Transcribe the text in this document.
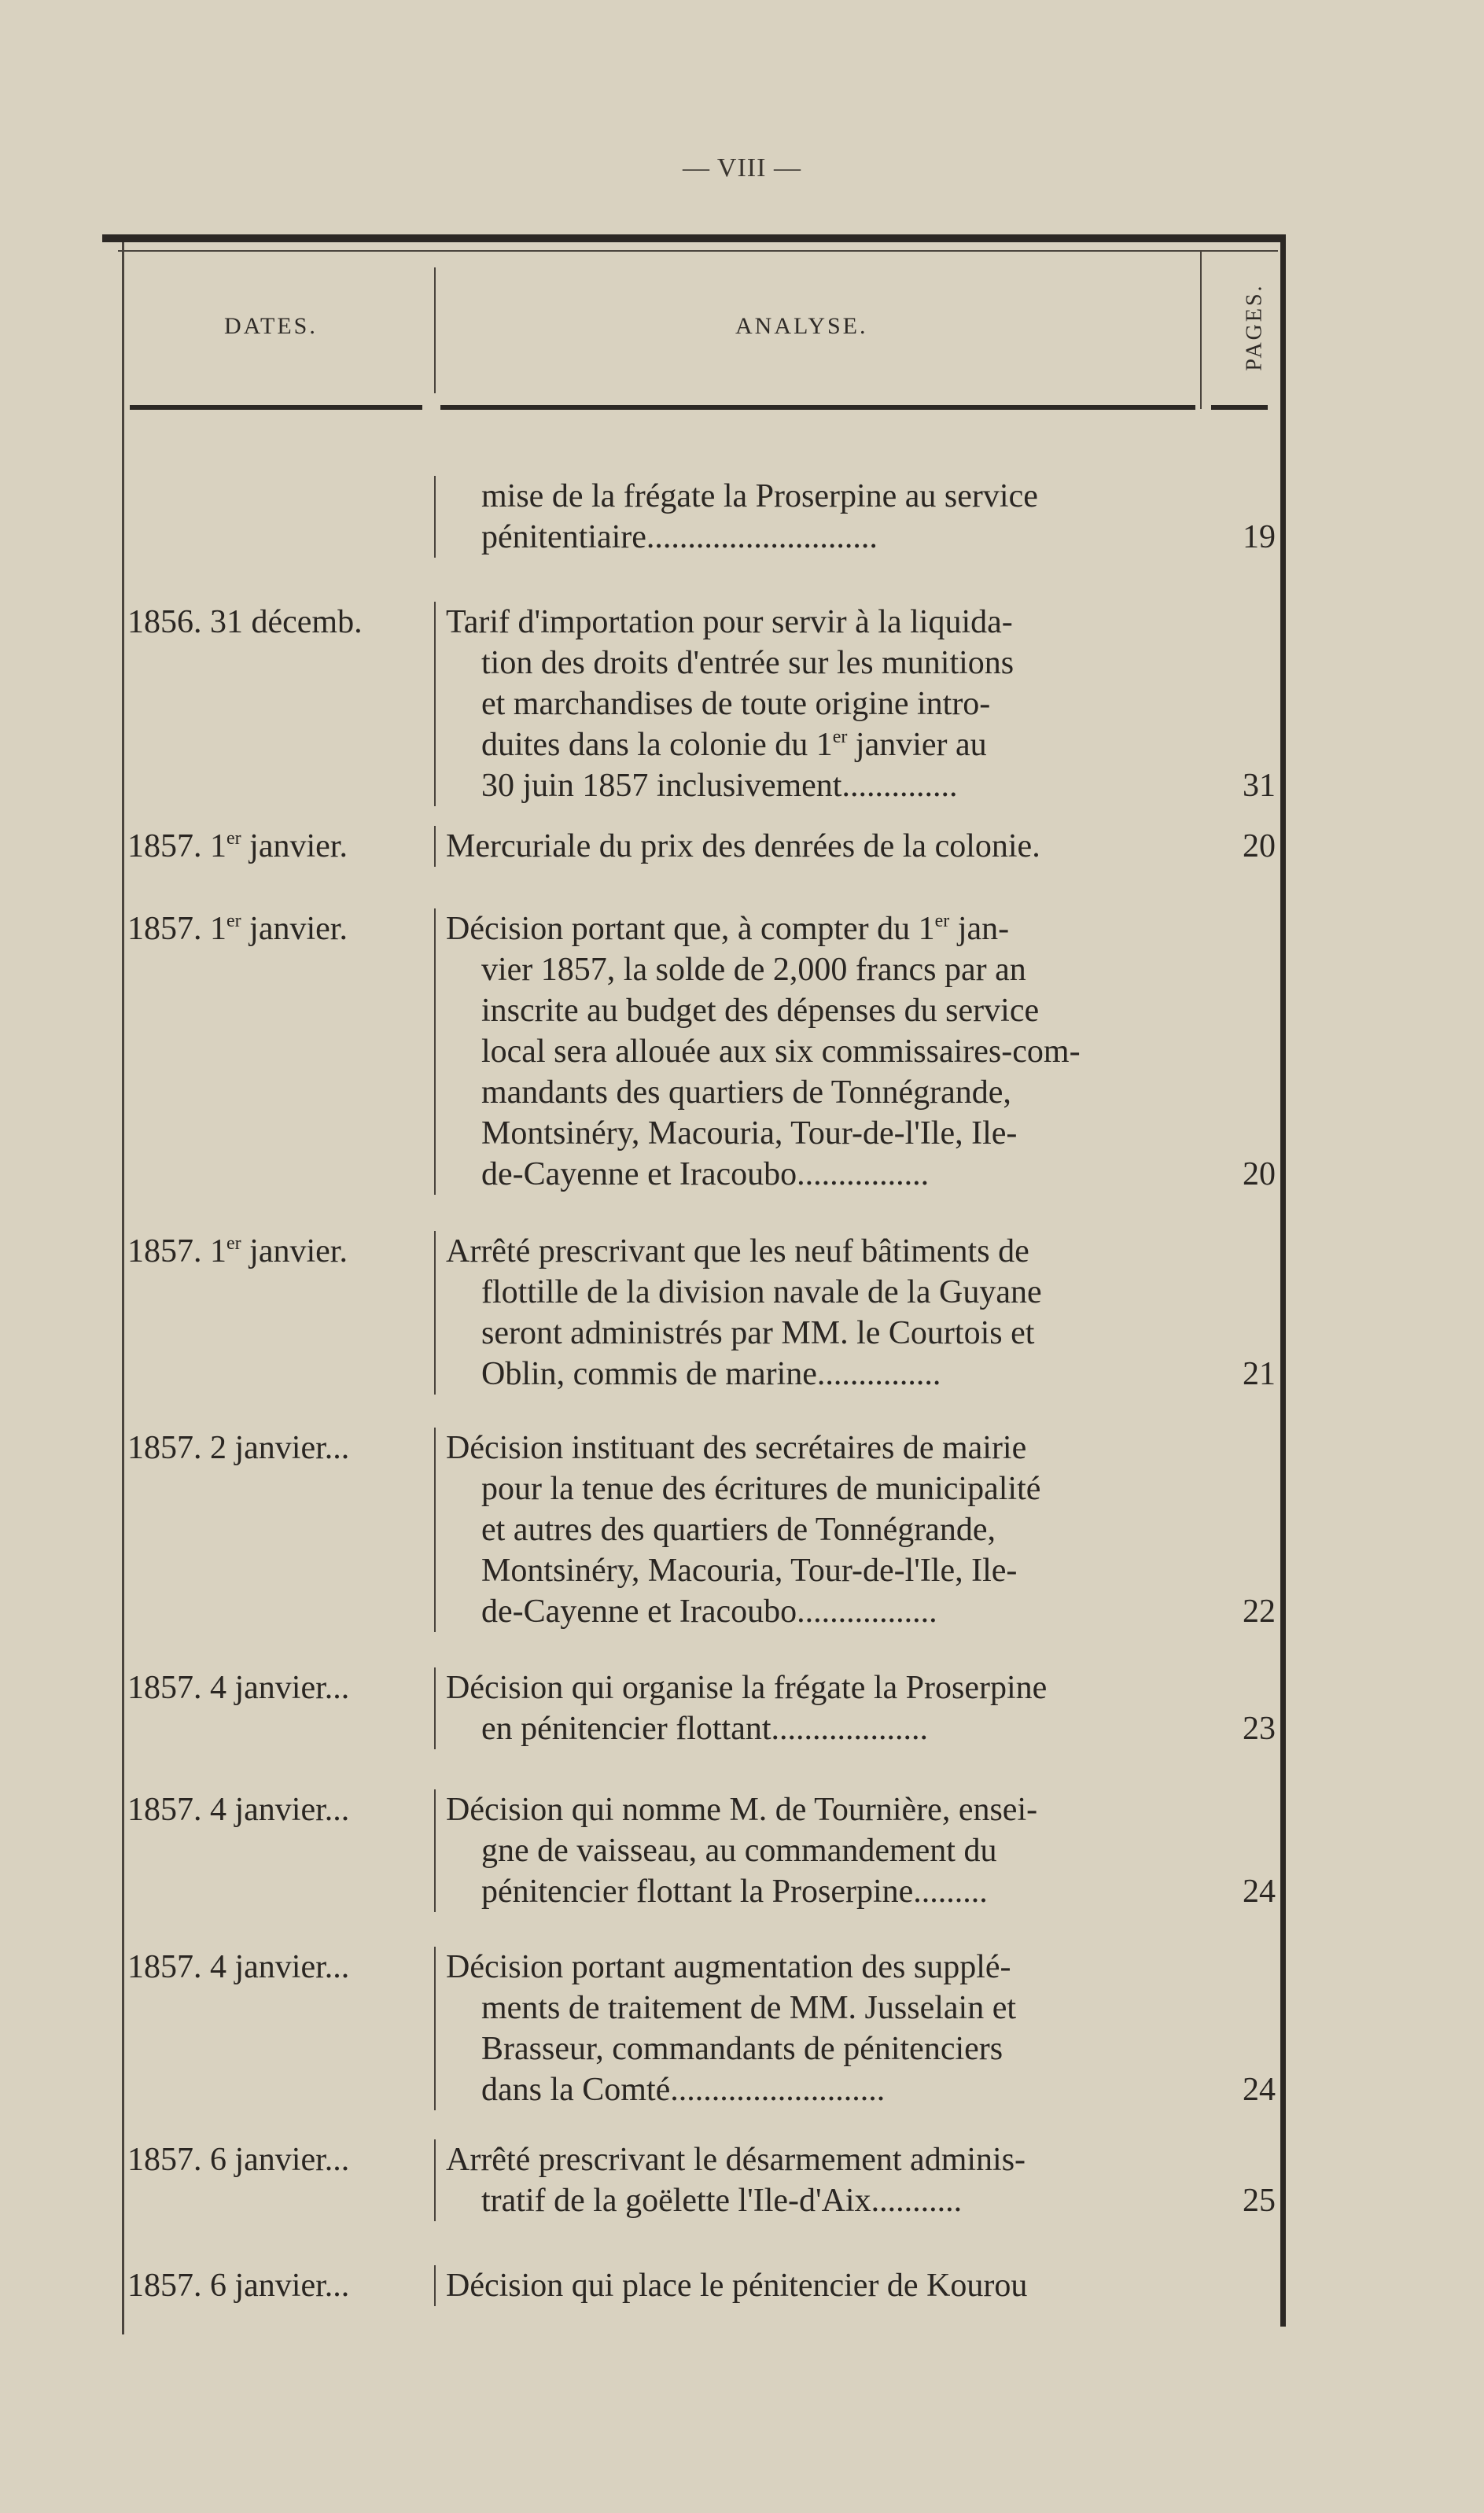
— VIII —
DATES.	ANALYSE.	PAGES.
mise de la frégate la Proserpine au service
pénitentiaire............................	19
1856. 31 décemb.	Tarif d'importation pour servir à la liquida-
tion des droits d'entrée sur les munitions
et marchandises de toute origine intro-
duites dans la colonie du 1er janvier au
30 juin 1857 inclusivement..............	31
1857. 1er janvier.	Mercuriale du prix des denrées de la colonie.	20
1857. 1er janvier.	Décision portant que, à compter du 1er jan-
vier 1857, la solde de 2,000 francs par an
inscrite au budget des dépenses du service
local sera allouée aux six commissaires-com-
mandants des quartiers de Tonnégrande,
Montsinéry, Macouria, Tour-de-l'Ile, Ile-
de-Cayenne et Iracoubo................	20
1857. 1er janvier.	Arrêté prescrivant que les neuf bâtiments de
flottille de la division navale de la Guyane
seront administrés par MM. le Courtois et
Oblin, commis de marine...............	21
1857. 2 janvier...	Décision instituant des secrétaires de mairie
pour la tenue des écritures de municipalité
et autres des quartiers de Tonnégrande,
Montsinéry, Macouria, Tour-de-l'Ile, Ile-
de-Cayenne et Iracoubo.................	22
1857. 4 janvier...	Décision qui organise la frégate la Proserpine
en pénitencier flottant...................	23
1857. 4 janvier...	Décision qui nomme M. de Tournière, ensei-
gne de vaisseau, au commandement du
pénitencier flottant la Proserpine.........	24
1857. 4 janvier...	Décision portant augmentation des supplé-
ments de traitement de MM. Jusselain et
Brasseur, commandants de pénitenciers
dans la Comté..........................	24
1857. 6 janvier...	Arrêté prescrivant le désarmement adminis-
tratif de la goëlette l'Ile-d'Aix...........	25
1857. 6 janvier...	Décision qui place le pénitencier de Kourou
